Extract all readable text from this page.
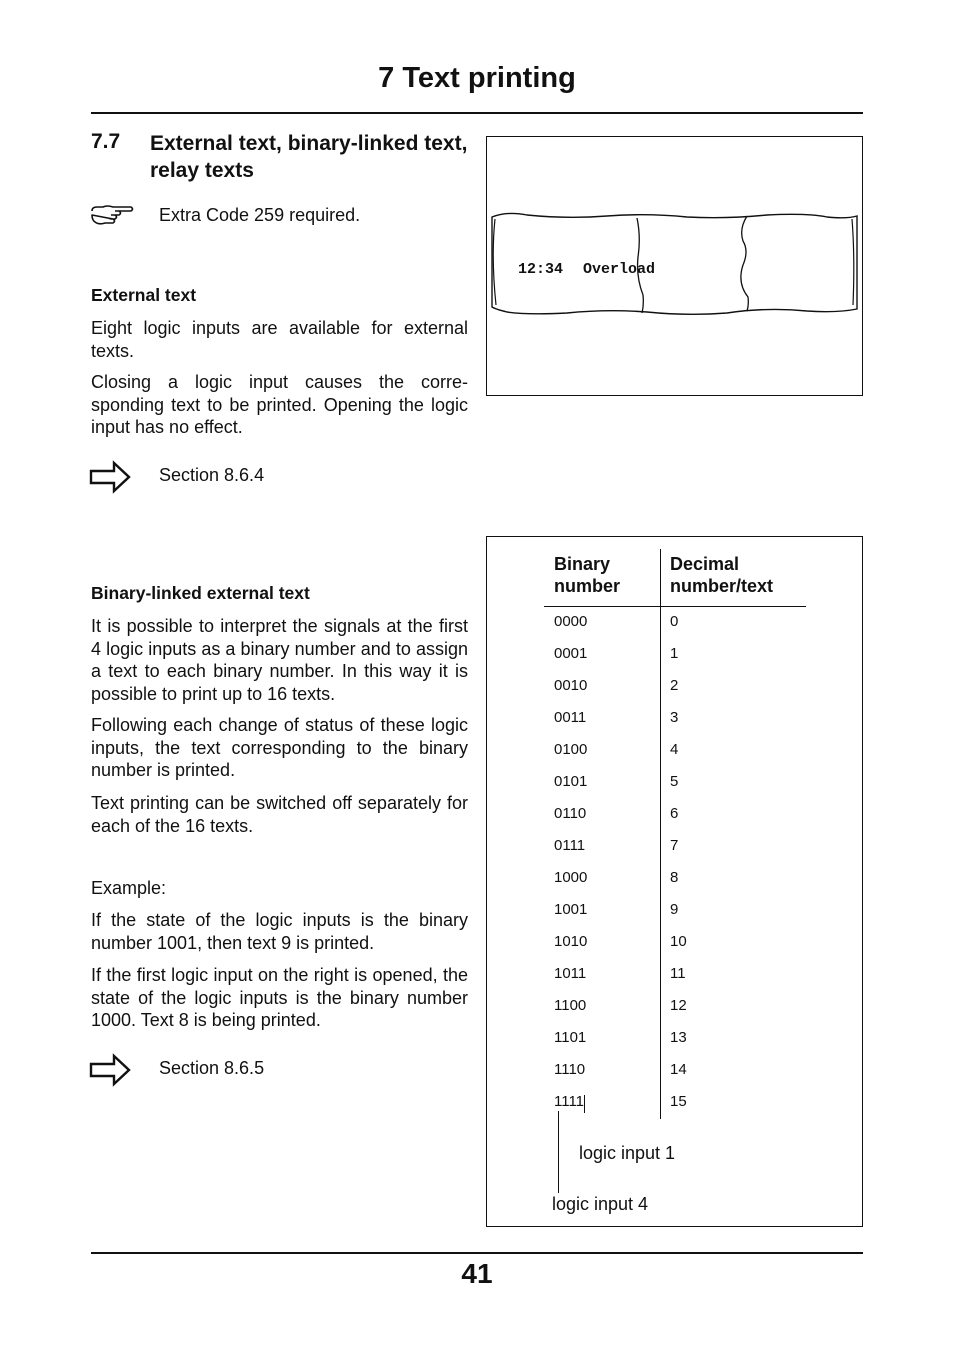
7 Text printing
7.7 External text, binary-linked text, relay texts
Extra Code 259 required.
External text
Eight logic inputs are available for external texts.
Closing a logic input causes the corre-sponding text to be printed. Opening the logic input has no effect.
Section 8.6.4
12:34 Overload
Binary-linked external text
It is possible to interpret the signals at the first 4 logic inputs as a binary number and to assign a text to each binary number. In this way it is possible to print up to 16 texts.
Following each change of status of these logic inputs, the text corresponding to the binary number is printed.
Text printing can be switched off separately for each of the 16 texts.
Example:
If the state of the logic inputs is the binary number 1001, then text 9 is printed.
If the first logic input on the right is opened, the state of the logic inputs is the binary number 1000. Text 8 is being printed.
Section 8.6.5
Binary number
Decimal number/text
0000	0
0001	1
0010	2
0011	3
0100	4
0101	5
0110	6
0111	7
1000	8
1001	9
1010	10
1011	11
1100	12
1101	13
1110	14
1111	15
logic input 1
logic input 4
41
